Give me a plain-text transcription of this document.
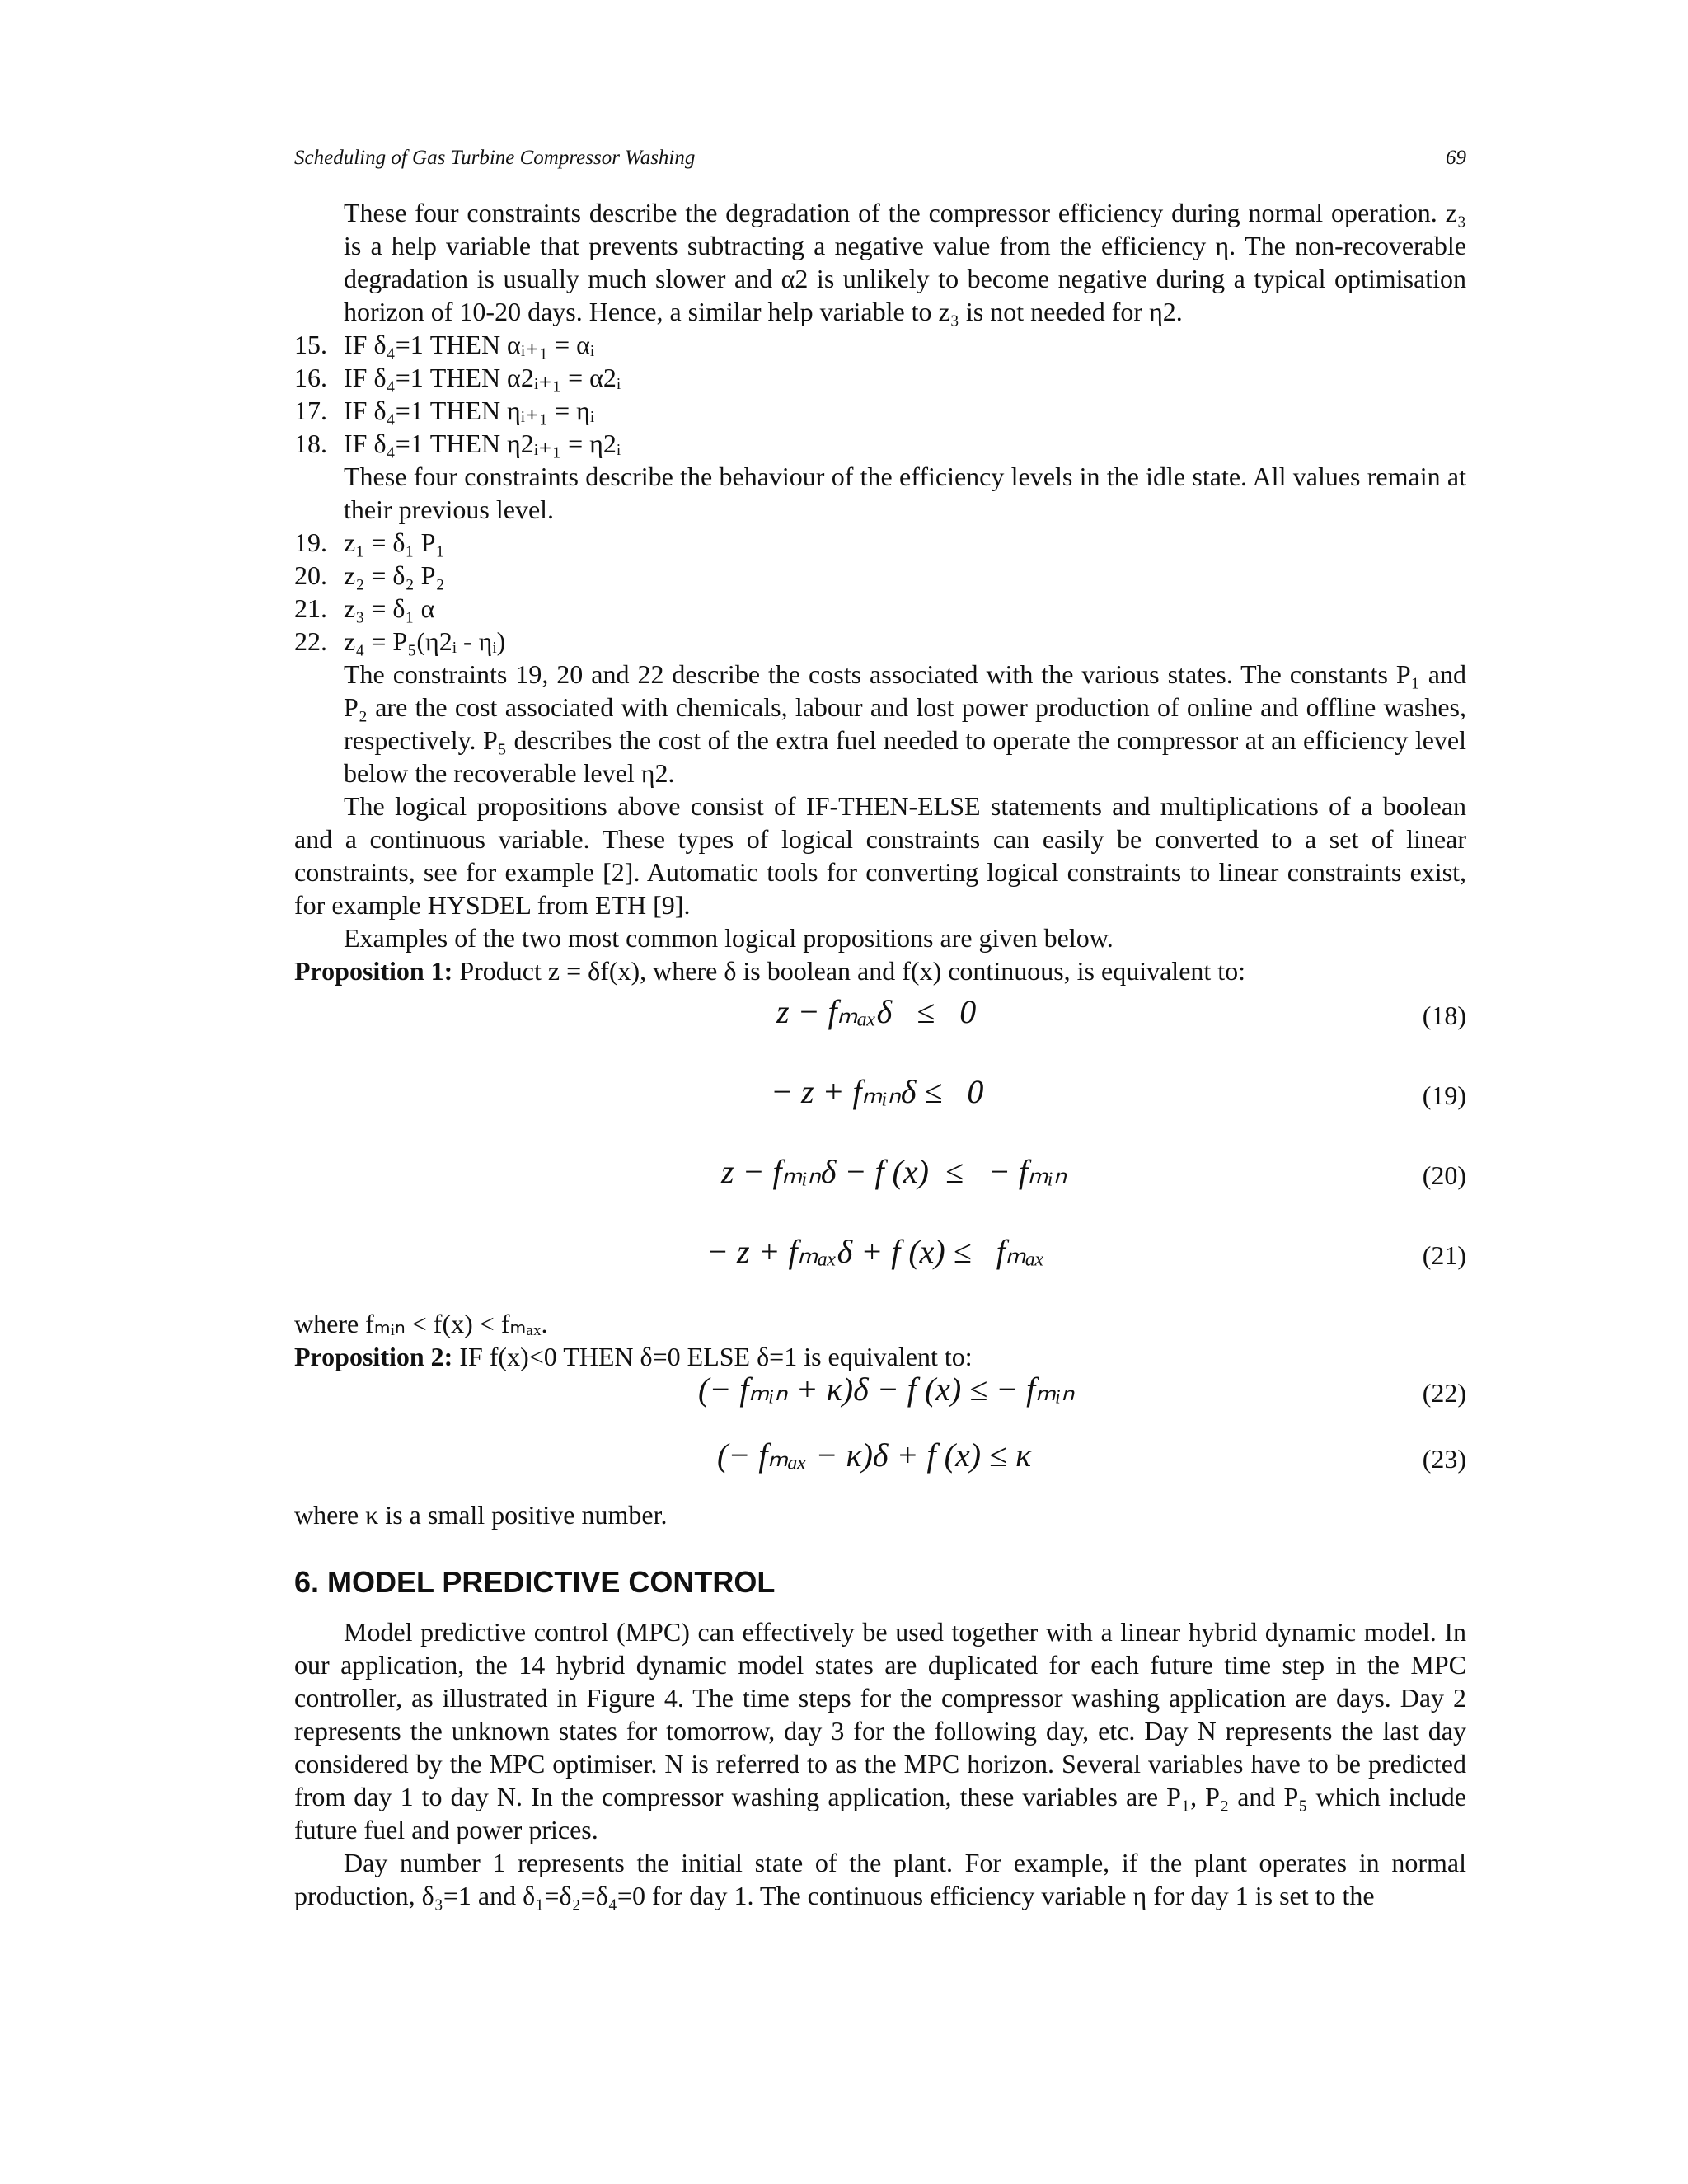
Scheduling of Gas Turbine Compressor Washing	69

These four constraints describe the degradation of the compressor efficiency during normal operation. z₃ is a help variable that prevents subtracting a negative value from the efficiency η. The non-recoverable degradation is usually much slower and α2 is unlikely to become negative during a typical optimisation horizon of 10-20 days. Hence, a similar help variable to z₃ is not needed for η2.

15. IF δ₄=1 THEN αᵢ₊₁ = αᵢ
16. IF δ₄=1 THEN α2ᵢ₊₁ = α2ᵢ
17. IF δ₄=1 THEN ηᵢ₊₁ = ηᵢ
18. IF δ₄=1 THEN η2ᵢ₊₁ = η2ᵢ

These four constraints describe the behaviour of the efficiency levels in the idle state. All values remain at their previous level.

19. z₁ = δ₁ P₁
20. z₂ = δ₂ P₂
21. z₃ = δ₁ α
22. z₄ = P₅(η2ᵢ - ηᵢ)

The constraints 19, 20 and 22 describe the costs associated with the various states. The constants P₁ and P₂ are the cost associated with chemicals, labour and lost power production of online and offline washes, respectively. P₅ describes the cost of the extra fuel needed to operate the compressor at an efficiency level below the recoverable level η2.

The logical propositions above consist of IF-THEN-ELSE statements and multiplications of a boolean and a continuous variable. These types of logical constraints can easily be converted to a set of linear constraints, see for example [2]. Automatic tools for converting logical constraints to linear constraints exist, for example HYSDEL from ETH [9].

Examples of the two most common logical propositions are given below.

Proposition 1: Product z = δf(x), where δ is boolean and f(x) continuous, is equivalent to:

z − fₘₐₓδ   ≤   0	(18)
− z + fₘᵢₙδ ≤   0	(19)
z − fₘᵢₙδ − f (x)  ≤   − fₘᵢₙ	(20)
− z + fₘₐₓδ + f (x) ≤   fₘₐₓ	(21)

where fₘᵢₙ < f(x) < fₘₐₓ.

Proposition 2: IF f(x)<0 THEN δ=0 ELSE δ=1 is equivalent to:

(− fₘᵢₙ + κ)δ − f (x) ≤ − fₘᵢₙ	(22)
(− fₘₐₓ − κ)δ + f (x) ≤ κ	(23)

where κ is a small positive number.

6. MODEL PREDICTIVE CONTROL

Model predictive control (MPC) can effectively be used together with a linear hybrid dynamic model. In our application, the 14 hybrid dynamic model states are duplicated for each future time step in the MPC controller, as illustrated in Figure 4. The time steps for the compressor washing application are days. Day 2 represents the unknown states for tomorrow, day 3 for the following day, etc. Day N represents the last day considered by the MPC optimiser. N is referred to as the MPC horizon. Several variables have to be predicted from day 1 to day N. In the compressor washing application, these variables are P₁, P₂ and P₅ which include future fuel and power prices.

Day number 1 represents the initial state of the plant. For example, if the plant operates in normal production, δ₃=1 and δ₁=δ₂=δ₄=0 for day 1. The continuous efficiency variable η for day 1 is set to the
